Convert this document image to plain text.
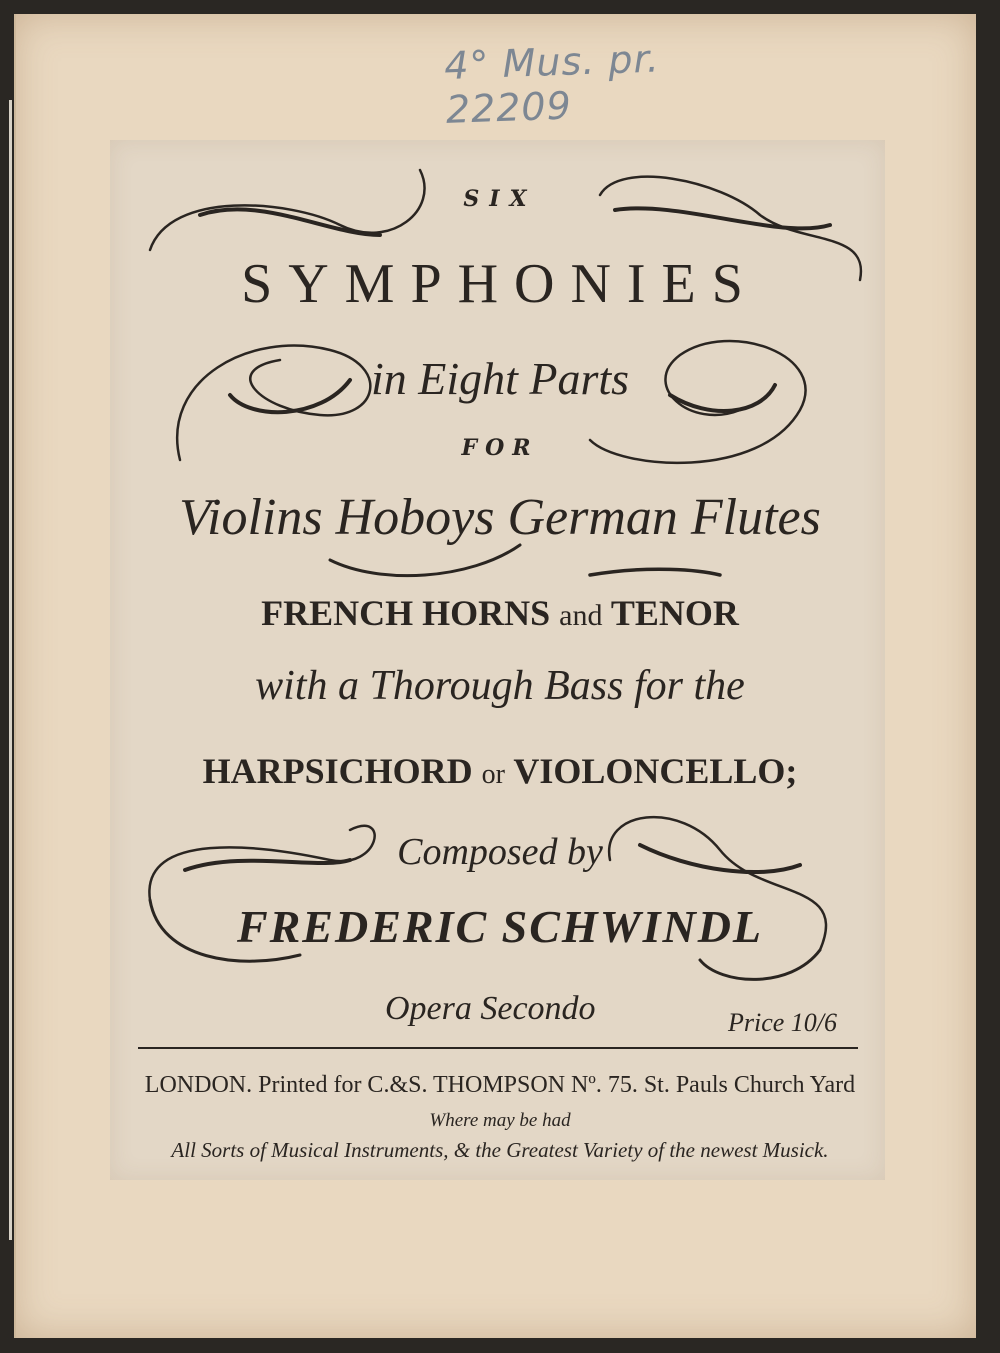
4° Mus. pr. 22209
SIX
SYMPHONIES
in Eight Parts
FOR
Violins Hoboys German Flutes
FRENCH HORNS and TENOR
with a Thorough Bass for the
HARPSICHORD or VIOLONCELLO;
Composed by
FREDERIC SCHWINDL
Opera Secondo	Price 10/6
LONDON. Printed for C.&S. THOMPSON Nº. 75. St. Pauls Church Yard
Where may be had
All Sorts of Musical Instruments, & the Greatest Variety of the newest Musick.
